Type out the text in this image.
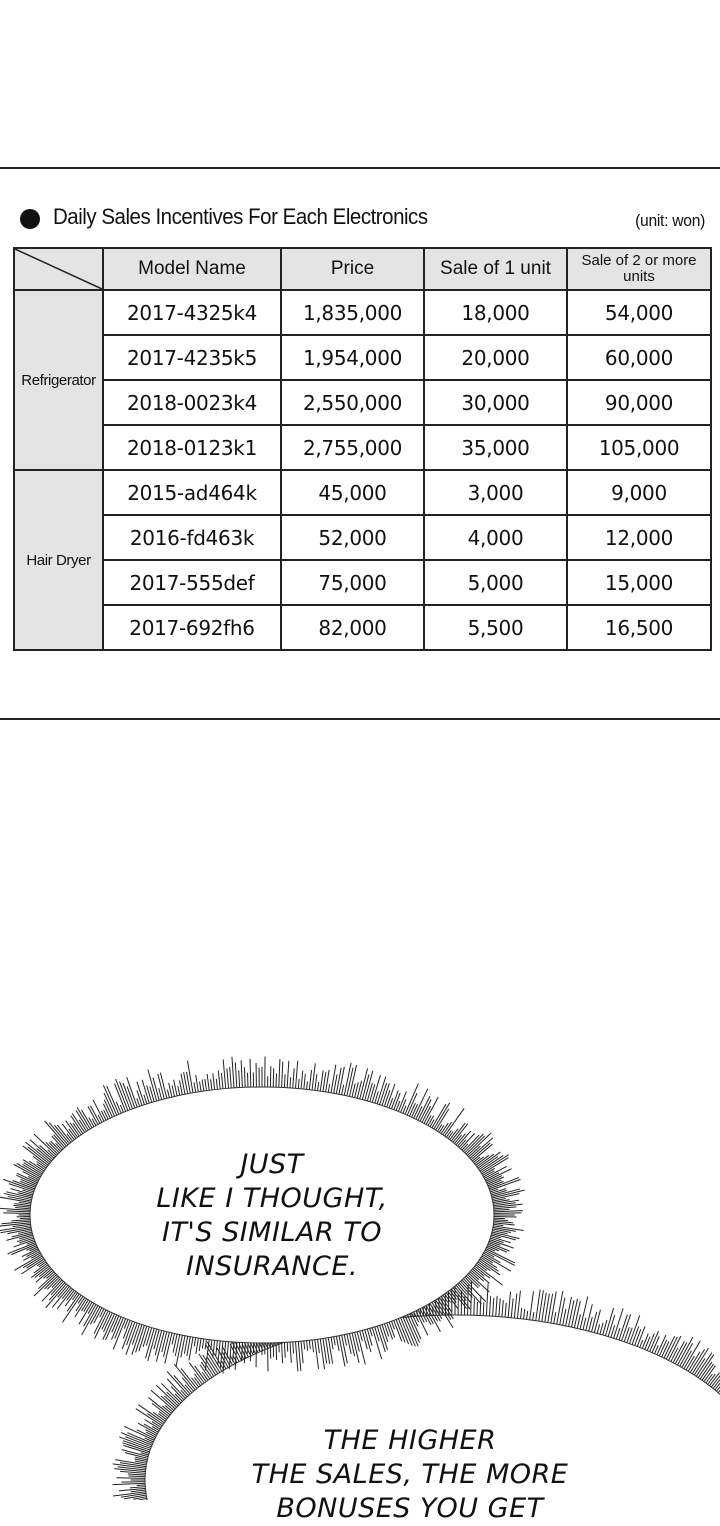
Daily Sales Incentives For Each Electronics	(unit: won)
	Model Name	Price	Sale of 1 unit	Sale of 2 or more units
Refrigerator	2017-4325k4	1,835,000	18,000	54,000
	2017-4235k5	1,954,000	20,000	60,000
	2018-0023k4	2,550,000	30,000	90,000
	2018-0123k1	2,755,000	35,000	105,000
Hair Dryer	2015-ad464k	45,000	3,000	9,000
	2016-fd463k	52,000	4,000	12,000
	2017-555def	75,000	5,000	15,000
	2017-692fh6	82,000	5,500	16,500
JUST
LIKE I THOUGHT,
IT'S SIMILAR TO
INSURANCE.
THE HIGHER
THE SALES, THE MORE
BONUSES YOU GET
